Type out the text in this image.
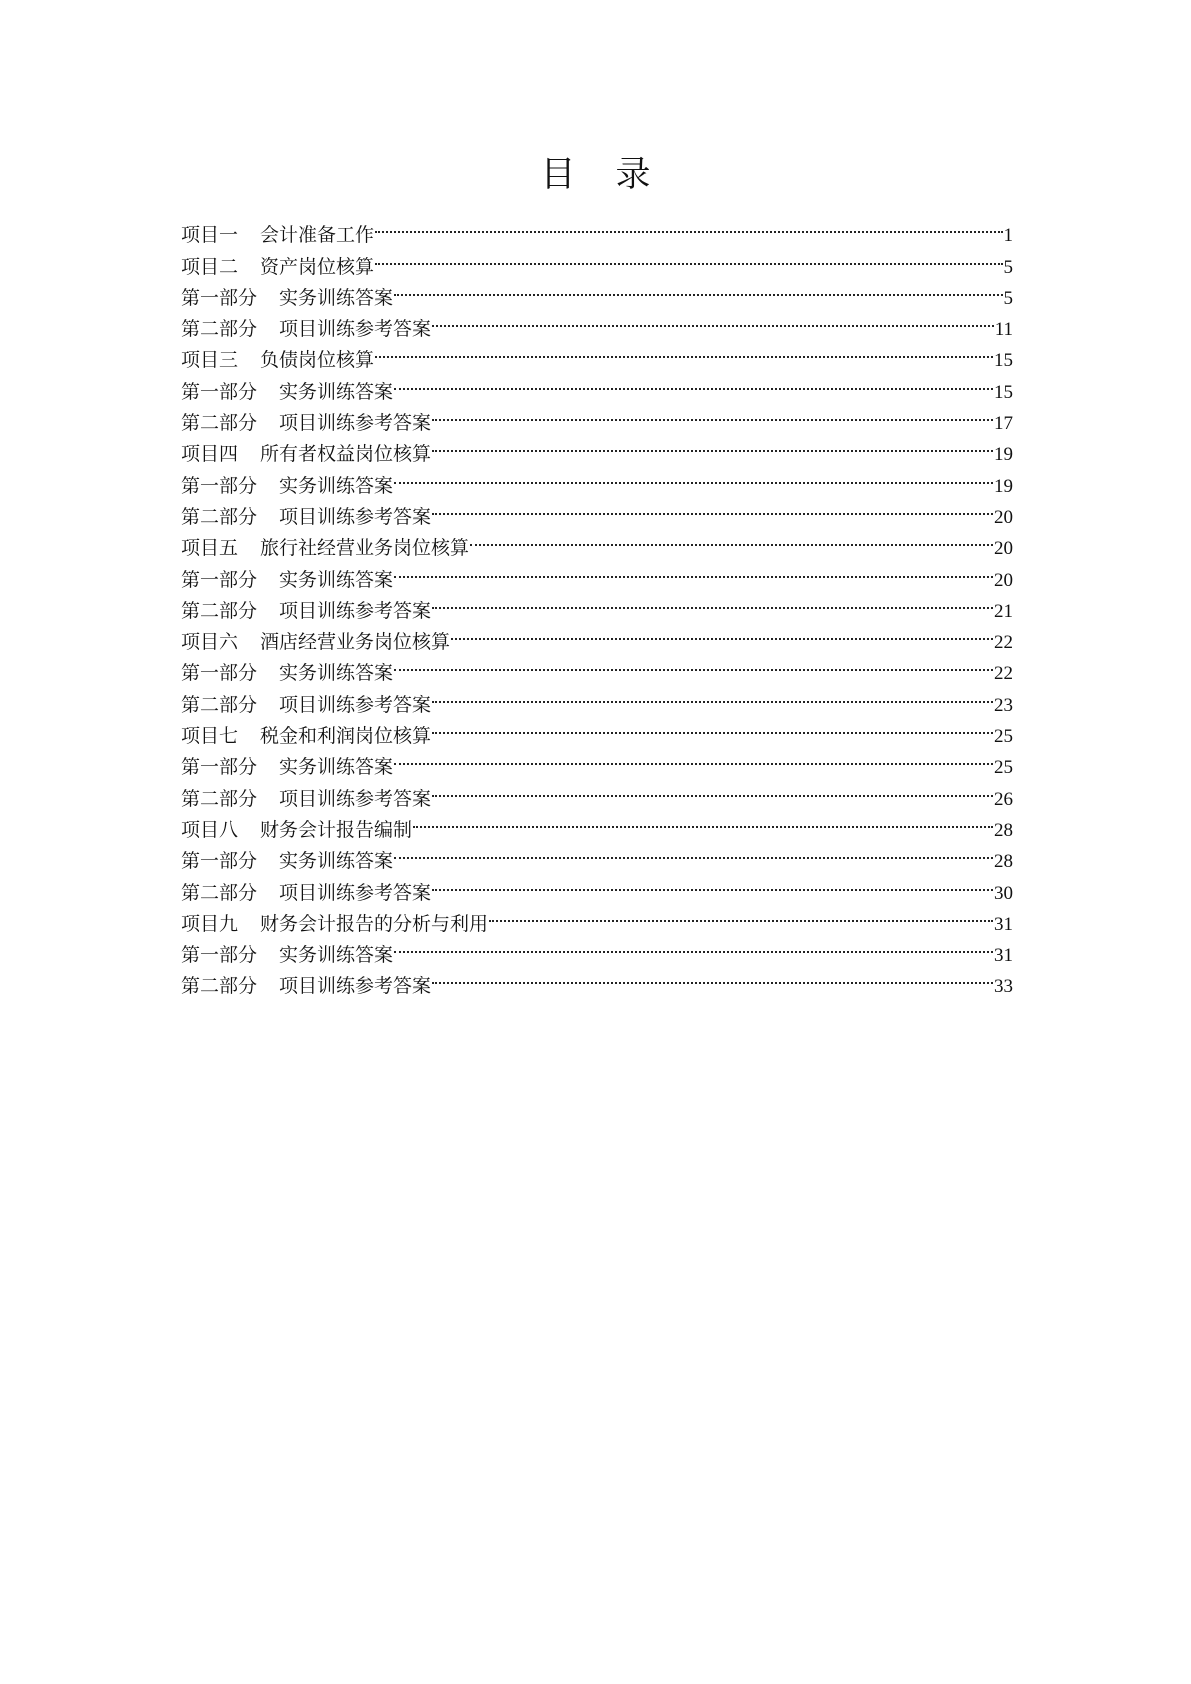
目 录
项目一 会计准备工作	1
项目二 资产岗位核算	5
第一部分 实务训练答案	5
第二部分 项目训练参考答案	11
项目三 负债岗位核算	15
第一部分 实务训练答案	15
第二部分 项目训练参考答案	17
项目四 所有者权益岗位核算	19
第一部分 实务训练答案	19
第二部分 项目训练参考答案	20
项目五 旅行社经营业务岗位核算	20
第一部分 实务训练答案	20
第二部分 项目训练参考答案	21
项目六 酒店经营业务岗位核算	22
第一部分 实务训练答案	22
第二部分 项目训练参考答案	23
项目七 税金和利润岗位核算	25
第一部分 实务训练答案	25
第二部分 项目训练参考答案	26
项目八 财务会计报告编制	28
第一部分 实务训练答案	28
第二部分 项目训练参考答案	30
项目九 财务会计报告的分析与利用	31
第一部分 实务训练答案	31
第二部分 项目训练参考答案	33
